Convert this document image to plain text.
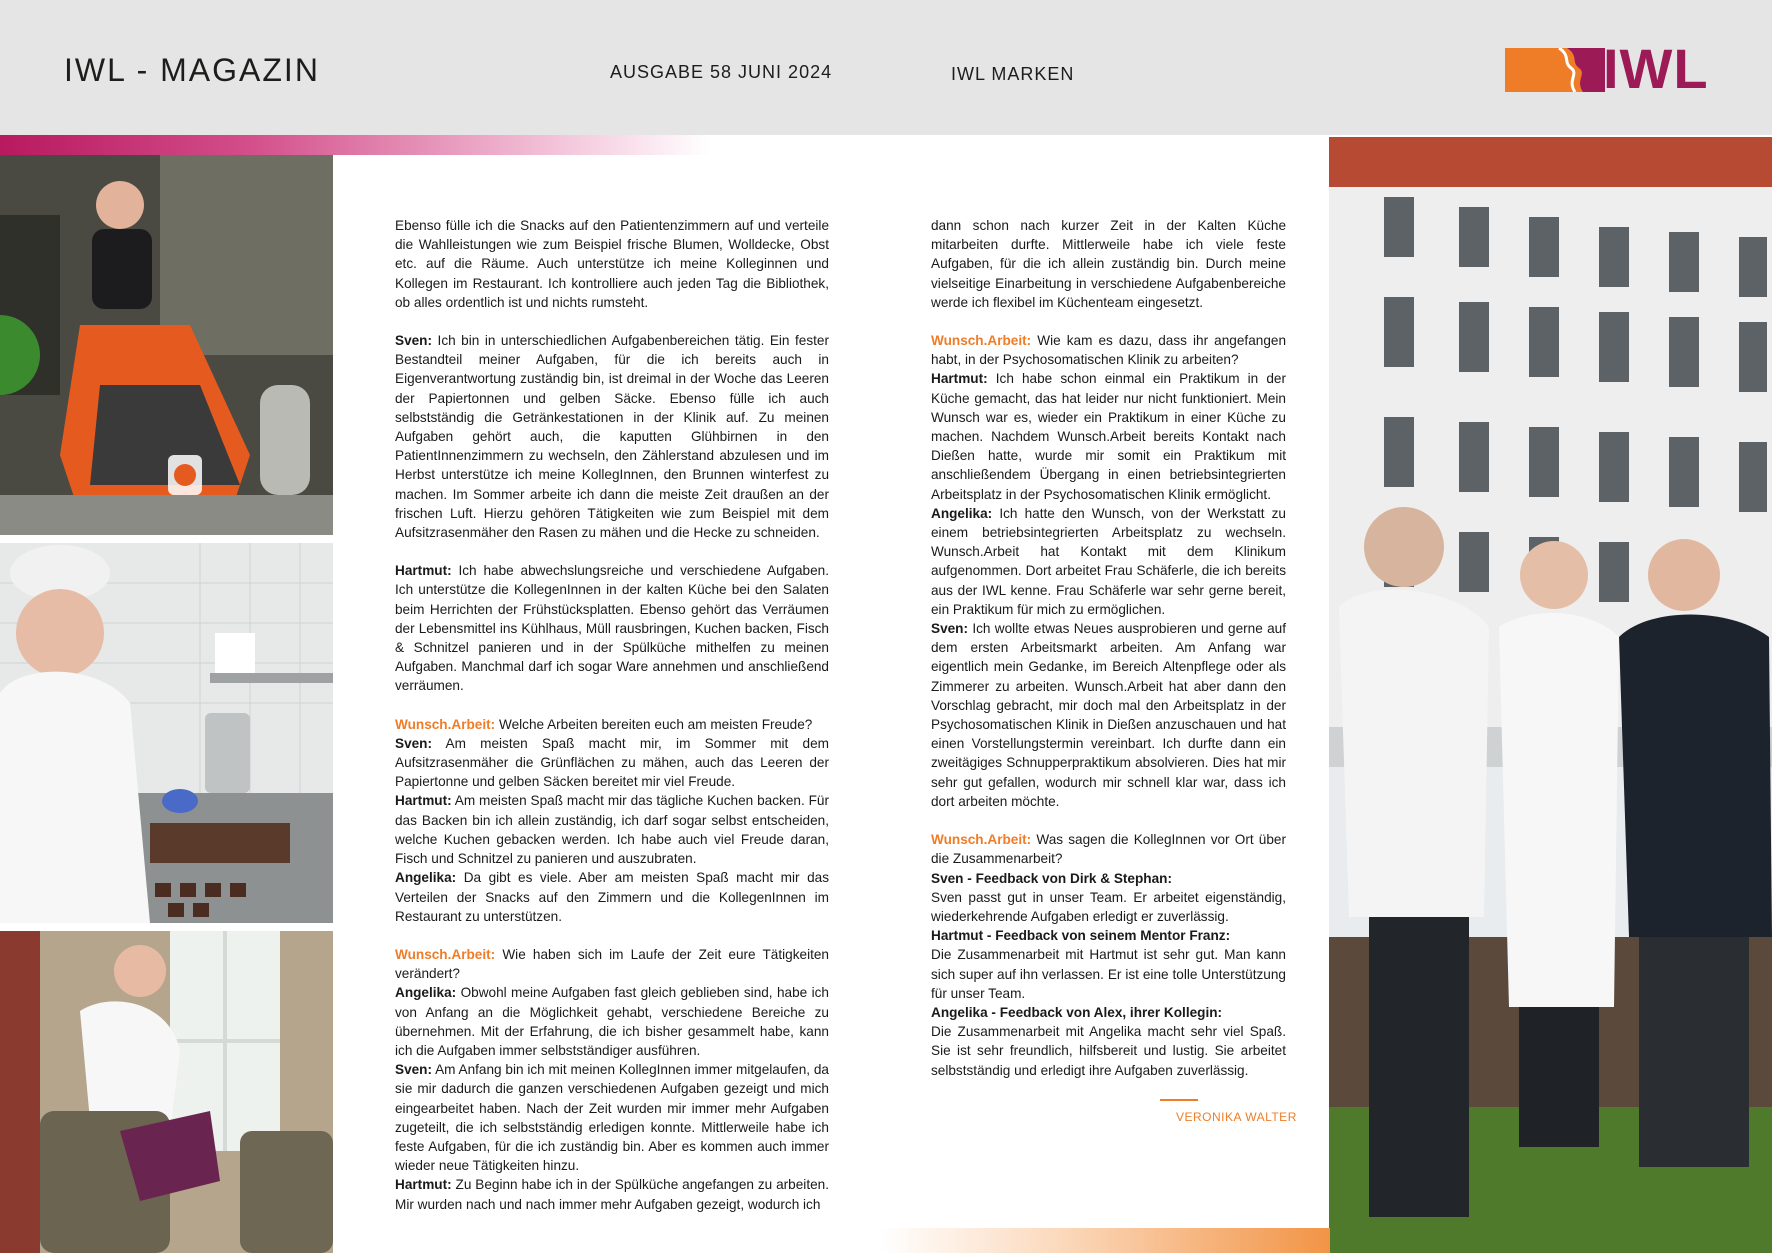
IWL - MAGAZIN	AUSGABE 58 JUNI 2024	IWL MARKEN	IWL

Ebenso fülle ich die Snacks auf den Patientenzimmern auf und verteile die Wahlleistungen wie zum Beispiel frische Blumen, Wolldecke, Obst etc. auf die Räume. Auch unterstütze ich meine Kolleginnen und Kollegen im Restaurant. Ich kontrolliere auch jeden Tag die Bibliothek, ob alles ordentlich ist und nichts rumsteht.

Sven: Ich bin in unterschiedlichen Aufgabenbereichen tätig. Ein fester Bestandteil meiner Aufgaben, für die ich bereits auch in Eigenverantwortung zuständig bin, ist dreimal in der Woche das Leeren der Papiertonnen und gelben Säcke. Ebenso fülle ich auch selbstständig die Getränkestationen in der Klinik auf. Zu meinen Aufgaben gehört auch, die kaputten Glühbirnen in den PatientInnenzimmern zu wechseln, den Zählerstand abzulesen und im Herbst unterstütze ich meine KollegInnen, den Brunnen winterfest zu machen. Im Sommer arbeite ich dann die meiste Zeit draußen an der frischen Luft. Hierzu gehören Tätigkeiten wie zum Beispiel mit dem Aufsitzrasenmäher den Rasen zu mähen und die Hecke zu schneiden.

Hartmut: Ich habe abwechslungsreiche und verschiedene Aufgaben. Ich unterstütze die KollegenInnen in der kalten Küche bei den Salaten beim Herrichten der Frühstücksplatten. Ebenso gehört das Verräumen der Lebensmittel ins Kühlhaus, Müll rausbringen, Kuchen backen, Fisch & Schnitzel panieren und in der Spülküche mithelfen zu meinen Aufgaben. Manchmal darf ich sogar Ware annehmen und anschließend verräumen.

Wunsch.Arbeit: Welche Arbeiten bereiten euch am meisten Freude?
Sven: Am meisten Spaß macht mir, im Sommer mit dem Aufsitzrasenmäher die Grünflächen zu mähen, auch das Leeren der Papiertonne und gelben Säcken bereitet mir viel Freude.
Hartmut: Am meisten Spaß macht mir das tägliche Kuchen backen. Für das Backen bin ich allein zuständig, ich darf sogar selbst entscheiden, welche Kuchen gebacken werden. Ich habe auch viel Freude daran, Fisch und Schnitzel zu panieren und auszubraten.
Angelika: Da gibt es viele. Aber am meisten Spaß macht mir das Verteilen der Snacks auf den Zimmern und die KollegenInnen im Restaurant zu unterstützen.

Wunsch.Arbeit: Wie haben sich im Laufe der Zeit eure Tätigkeiten verändert?
Angelika: Obwohl meine Aufgaben fast gleich geblieben sind, habe ich von Anfang an die Möglichkeit gehabt, verschiedene Bereiche zu übernehmen. Mit der Erfahrung, die ich bisher gesammelt habe, kann ich die Aufgaben immer selbstständiger ausführen.
Sven: Am Anfang bin ich mit meinen KollegInnen immer mitgelaufen, da sie mir dadurch die ganzen verschiedenen Aufgaben gezeigt und mich eingearbeitet haben. Nach der Zeit wurden mir immer mehr Aufgaben zugeteilt, die ich selbstständig erledigen konnte. Mittlerweile habe ich feste Aufgaben, für die ich zuständig bin. Aber es kommen auch immer wieder neue Tätigkeiten hinzu.
Hartmut: Zu Beginn habe ich in der Spülküche angefangen zu arbeiten. Mir wurden nach und nach immer mehr Aufgaben gezeigt, wodurch ich

dann schon nach kurzer Zeit in der Kalten Küche mitarbeiten durfte. Mittlerweile habe ich viele feste Aufgaben, für die ich allein zuständig bin. Durch meine vielseitige Einarbeitung in verschiedene Aufgabenbereiche werde ich flexibel im Küchenteam eingesetzt.

Wunsch.Arbeit: Wie kam es dazu, dass ihr angefangen habt, in der Psychosomatischen Klinik zu arbeiten?
Hartmut: Ich habe schon einmal ein Praktikum in der Küche gemacht, das hat leider nur nicht funktioniert. Mein Wunsch war es, wieder ein Praktikum in einer Küche zu machen. Nachdem Wunsch.Arbeit bereits Kontakt nach Dießen hatte, wurde mir somit ein Praktikum mit anschließendem Übergang in einen betriebsintegrierten Arbeitsplatz in der Psychosomatischen Klinik ermöglicht.
Angelika: Ich hatte den Wunsch, von der Werkstatt zu einem betriebsintegrierten Arbeitsplatz zu wechseln. Wunsch.Arbeit hat Kontakt mit dem Klinikum aufgenommen. Dort arbeitet Frau Schäferle, die ich bereits aus der IWL kenne. Frau Schäferle war sehr gerne bereit, ein Praktikum für mich zu ermöglichen.
Sven: Ich wollte etwas Neues ausprobieren und gerne auf dem ersten Arbeitsmarkt arbeiten. Am Anfang war eigentlich mein Gedanke, im Bereich Altenpflege oder als Zimmerer zu arbeiten. Wunsch.Arbeit hat aber dann den Vorschlag gebracht, mir doch mal den Arbeitsplatz in der Psychosomatischen Klinik in Dießen anzuschauen und hat einen Vorstellungstermin vereinbart. Ich durfte dann ein zweitägiges Schnupperpraktikum absolvieren. Dies hat mir sehr gut gefallen, wodurch mir schnell klar war, dass ich dort arbeiten möchte.

Wunsch.Arbeit: Was sagen die KollegInnen vor Ort über die Zusammenarbeit?
Sven - Feedback von Dirk & Stephan:
Sven passt gut in unser Team. Er arbeitet eigenständig, wiederkehrende Aufgaben erledigt er zuverlässig.
Hartmut - Feedback von seinem Mentor Franz:
Die Zusammenarbeit mit Hartmut ist sehr gut. Man kann sich super auf ihn verlassen. Er ist eine tolle Unterstützung für unser Team.
Angelika - Feedback von Alex, ihrer Kollegin:
Die Zusammenarbeit mit Angelika macht sehr viel Spaß. Sie ist sehr freundlich, hilfsbereit und lustig. Sie arbeitet selbstständig und erledigt ihre Aufgaben zuverlässig.

VERONIKA WALTER
